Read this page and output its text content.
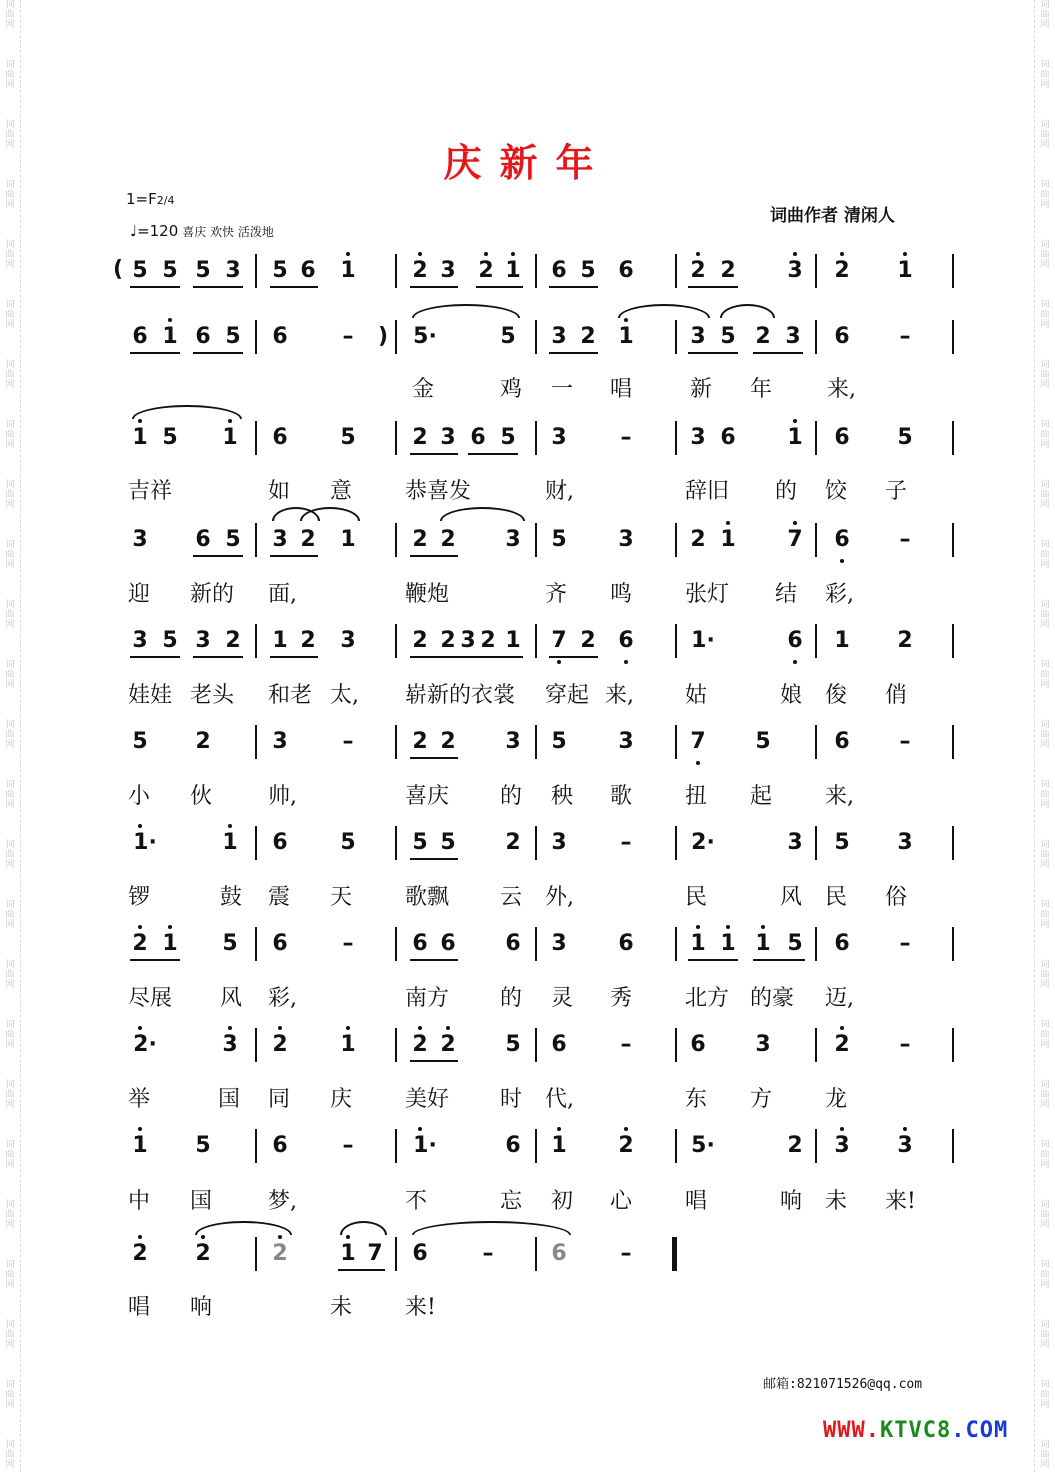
词
曲
网
词
曲
网
词
曲
网
词
曲
网
词
曲
网
词
曲
网
词
曲
网
词
曲
网
词
曲
网
词
曲
网
词
曲
网
词
曲
网
词
曲
网
词
曲
网
词
曲
网
词
曲
网
词
曲
网
词
曲
网
词
曲
网
词
曲
网
词
曲
网
词
曲
网
词
曲
网
词
曲
网
词
曲
网
词
曲
网
词
曲
网
词
曲
网
词
曲
网
词
曲
网
词
曲
网
词
曲
网
词
曲
网
词
曲
网
词
曲
网
词
曲
网
词
曲
网
词
曲
网
词
曲
网
词
曲
网
词
曲
网
词
曲
网
词
曲
网
词
曲
网
词
曲
网
词
曲
网
词
曲
网
词
曲
网
词
曲
网
词
曲
网
庆新年
1=F2/4
♩=120 喜庆 欢快 活泼地
词曲作者 清闲人
( 5 5 5 3 5 6 1	2 3 2 1 6 5 6	2 2 3 2 1
6 1 6 5 6 – ) 5·	5 3 2 1	3 5 2 3 6 –
金	鸡 一 唱	新 年 来,
1 5 1 6 5	2 3 6 5 3 –	3 6 1 6 5
吉祥	如 意 恭喜发	财,	辞旧 的 饺 子
3 6 5 3 2 1	2 2 3 5 3	2 1 7 6 –
迎 新的 面,	鞭炮	齐 鸣 张灯 结 彩,
3 5 3 2 1 2 3	2 2 3 2 1 7 2 6	1·	6 1 2
娃娃 老头 和老 太, 崭新的衣裳 穿起 来, 姑	娘 俊 俏
5 2	3 –	2 2 3 5 3	7 5	6 –
小 伙	帅,	喜庆 的 秧 歌 扭 起 来,
1·	1 6 5	5 5 2 3 –	2·	3 5 3
锣	鼓 震 天 歌飘 云 外,	民	风 民 俗
2 1 5 6 –	6 6 6 3 6	1 1 1 5 6 –
尽展 风 彩,	南方 的 灵 秀 北方 的豪 迈,
2·	3 2 1	2 2 5 6 –	6 3	2 –
举	国 同 庆 美好 时 代,	东 方 龙
1 5	6 –	1·	6 1 2	5·	2 3 3
中 国	梦,	不	忘 初 心 唱	响 未 来!
2 2	2 1 7 6 –	6 –
唱 响	未 来!
邮箱:821071526@qq.com
WWW.KTVC8.COM
